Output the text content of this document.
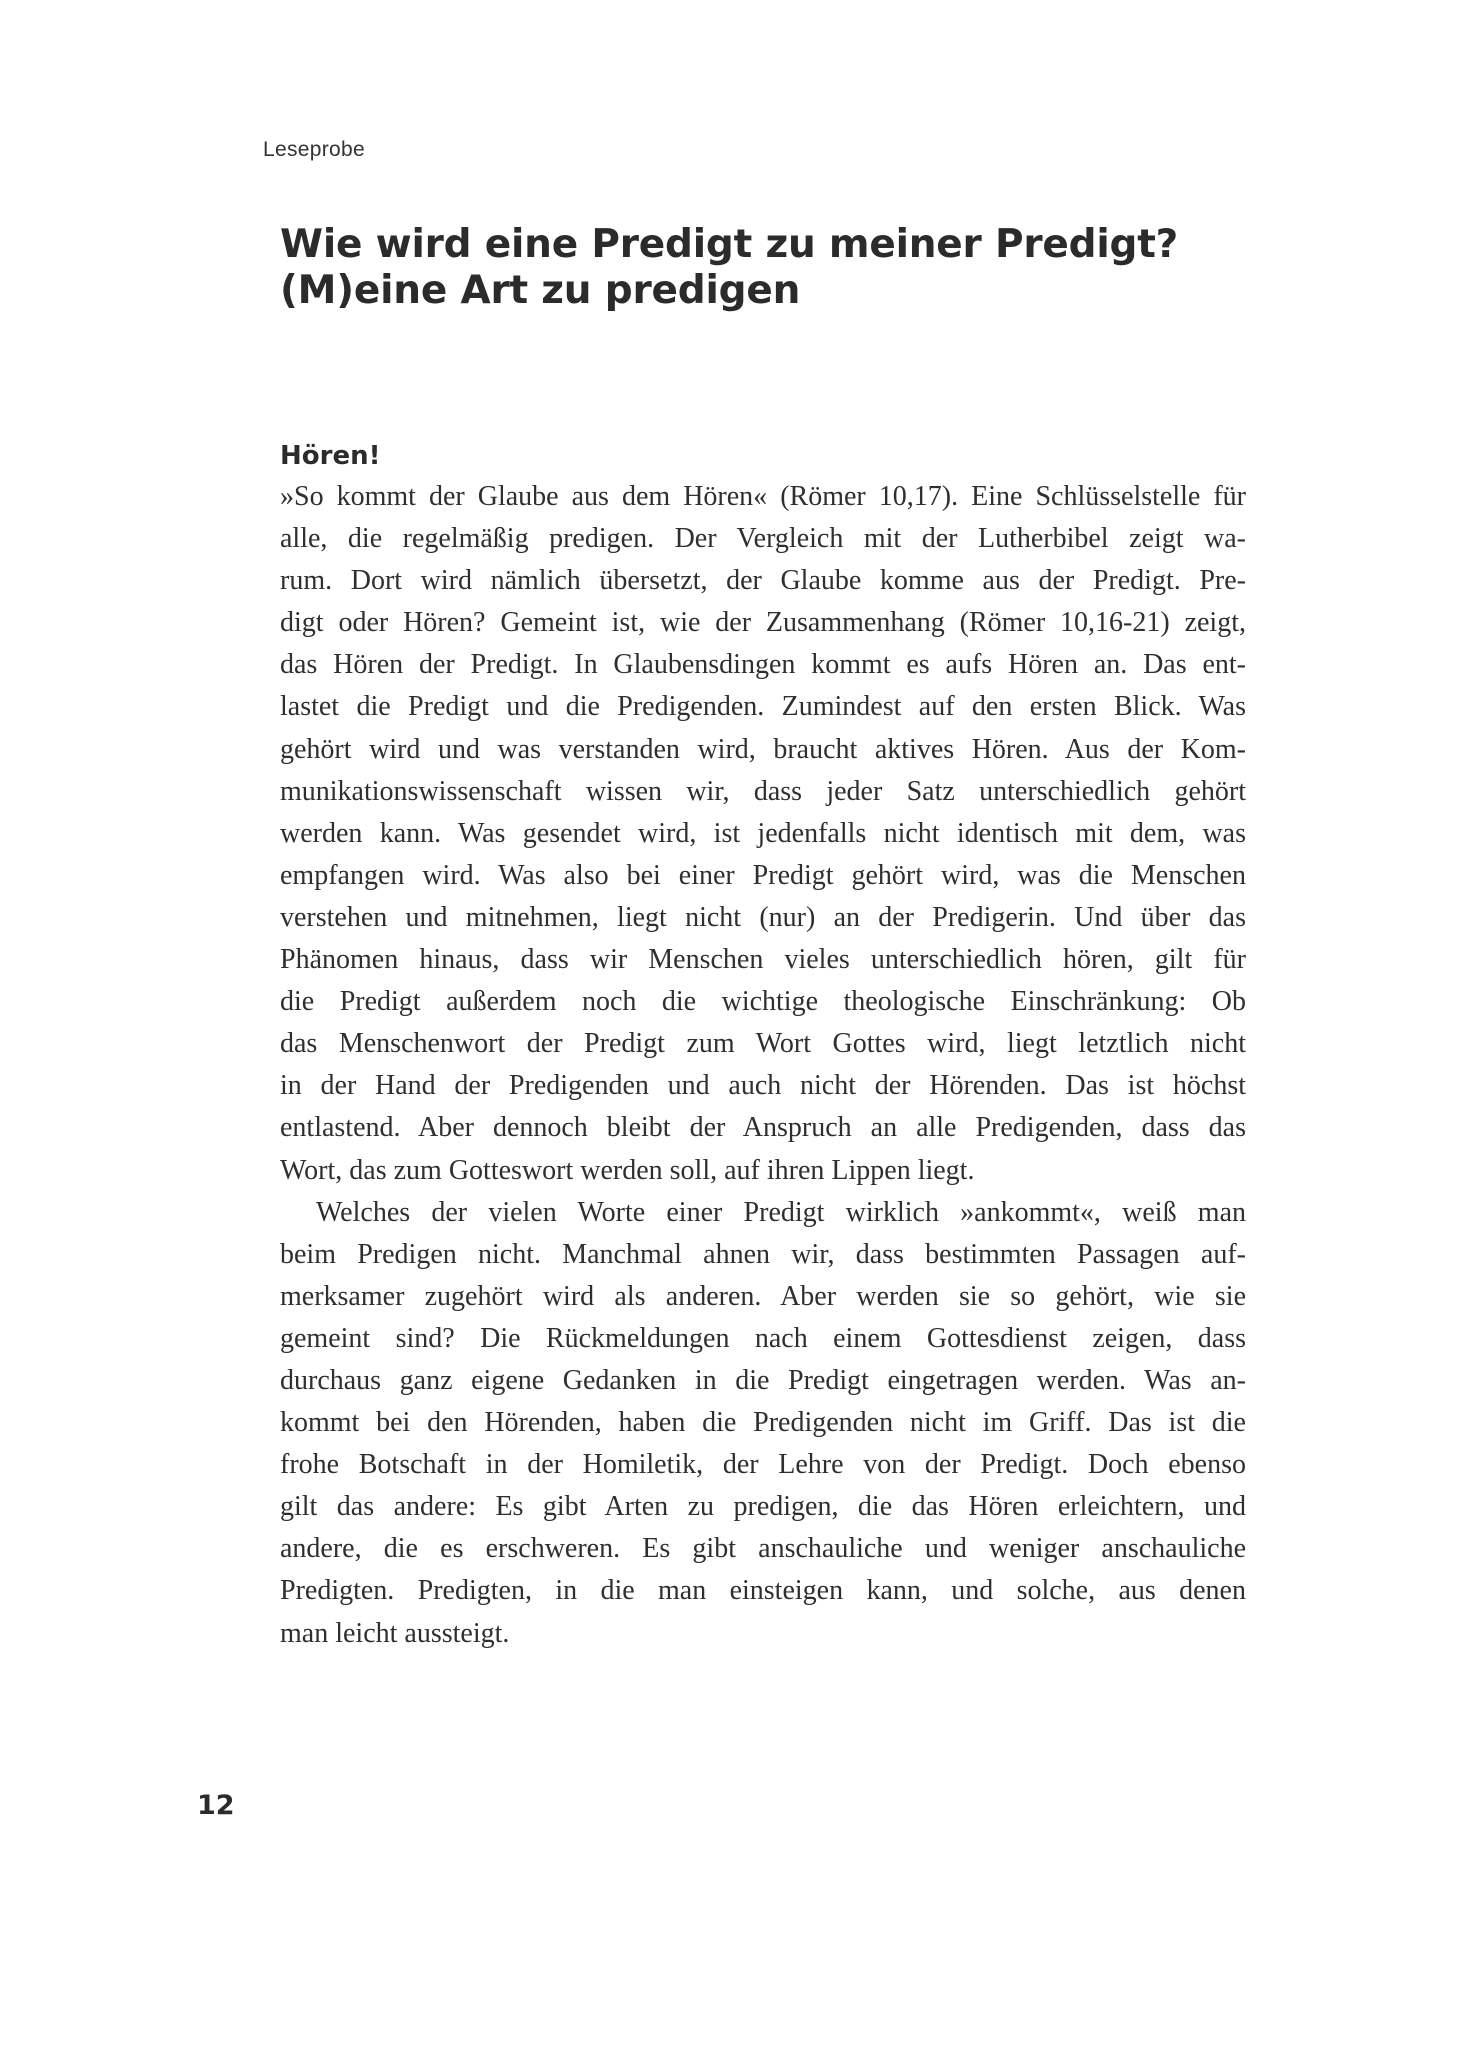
Leseprobe
Wie wird eine Predigt zu meiner Predigt?
(M)eine Art zu predigen
Hören!
»So kommt der Glaube aus dem Hören« (Römer 10,17). Eine Schlüsselstelle für
alle, die regelmäßig predigen. Der Vergleich mit der Lutherbibel zeigt wa-
rum. Dort wird nämlich übersetzt, der Glaube komme aus der Predigt. Pre-
digt oder Hören? Gemeint ist, wie der Zusammenhang (Römer 10,16-21) zeigt,
das Hören der Predigt. In Glaubensdingen kommt es aufs Hören an. Das ent-
lastet die Predigt und die Predigenden. Zumindest auf den ersten Blick. Was
gehört wird und was verstanden wird, braucht aktives Hören. Aus der Kom-
munikationswissenschaft wissen wir, dass jeder Satz unterschiedlich gehört
werden kann. Was gesendet wird, ist jedenfalls nicht identisch mit dem, was
empfangen wird. Was also bei einer Predigt gehört wird, was die Menschen
verstehen und mitnehmen, liegt nicht (nur) an der Predigerin. Und über das
Phänomen hinaus, dass wir Menschen vieles unterschiedlich hören, gilt für
die Predigt außerdem noch die wichtige theologische Einschränkung: Ob
das Menschenwort der Predigt zum Wort Gottes wird, liegt letztlich nicht
in der Hand der Predigenden und auch nicht der Hörenden. Das ist höchst
entlastend. Aber dennoch bleibt der Anspruch an alle Predigenden, dass das
Wort, das zum Gotteswort werden soll, auf ihren Lippen liegt.
Welches der vielen Worte einer Predigt wirklich »ankommt«, weiß man
beim Predigen nicht. Manchmal ahnen wir, dass bestimmten Passagen auf-
merksamer zugehört wird als anderen. Aber werden sie so gehört, wie sie
gemeint sind? Die Rückmeldungen nach einem Gottesdienst zeigen, dass
durchaus ganz eigene Gedanken in die Predigt eingetragen werden. Was an-
kommt bei den Hörenden, haben die Predigenden nicht im Griff. Das ist die
frohe Botschaft in der Homiletik, der Lehre von der Predigt. Doch ebenso
gilt das andere: Es gibt Arten zu predigen, die das Hören erleichtern, und
andere, die es erschweren. Es gibt anschauliche und weniger anschauliche
Predigten. Predigten, in die man einsteigen kann, und solche, aus denen
man leicht aussteigt.
12
